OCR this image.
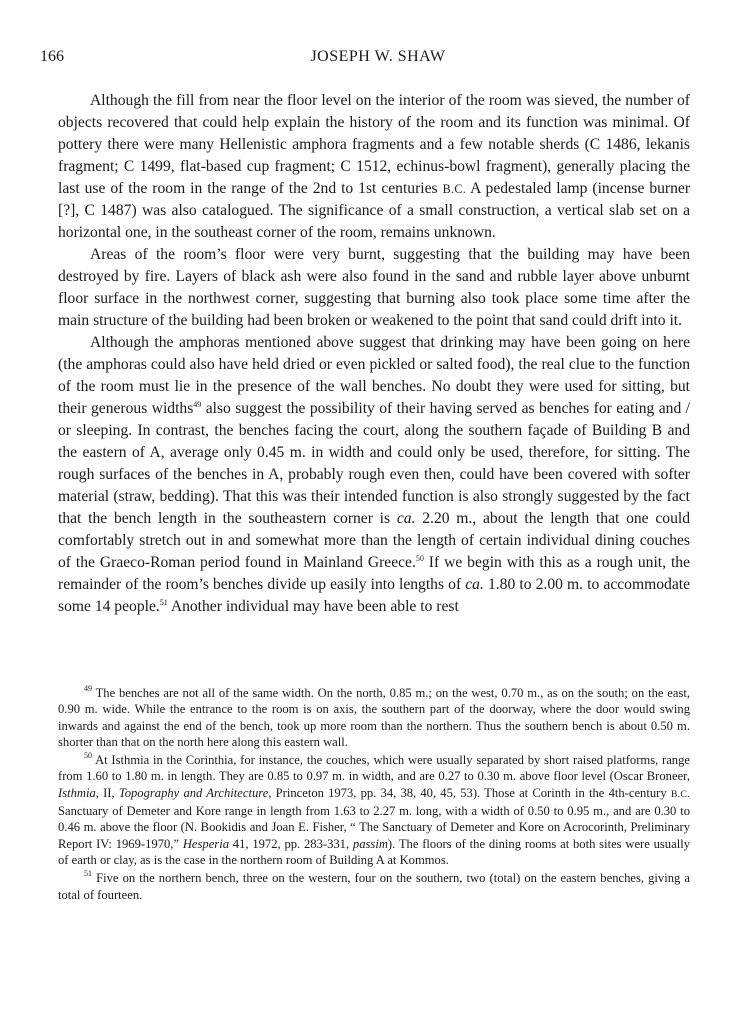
166	JOSEPH W. SHAW

Although the fill from near the floor level on the interior of the room was sieved, the number of objects recovered that could help explain the history of the room and its function was minimal. Of pottery there were many Hellenistic amphora fragments and a few notable sherds (C 1486, lekanis fragment; C 1499, flat-based cup fragment; C 1512, echinus-bowl fragment), generally placing the last use of the room in the range of the 2nd to 1st centuries B.C. A pedestaled lamp (incense burner [?], C 1487) was also catalogued. The significance of a small construction, a vertical slab set on a horizontal one, in the southeast corner of the room, remains unknown.

Areas of the room’s floor were very burnt, suggesting that the building may have been destroyed by fire. Layers of black ash were also found in the sand and rubble layer above unburnt floor surface in the northwest corner, suggesting that burning also took place some time after the main structure of the building had been broken or weakened to the point that sand could drift into it.

Although the amphoras mentioned above suggest that drinking may have been going on here (the amphoras could also have held dried or even pickled or salted food), the real clue to the function of the room must lie in the presence of the wall benches. No doubt they were used for sitting, but their generous widths$^{49}$ also suggest the possibility of their having served as benches for eating and / or sleeping. In contrast, the benches facing the court, along the southern façade of Building B and the eastern of A, average only 0.45 m. in width and could only be used, therefore, for sitting. The rough surfaces of the benches in A, probably rough even then, could have been covered with softer material (straw, bedding). That this was their intended function is also strongly suggested by the fact that the bench length in the southeastern corner is ca. 2.20 m., about the length that one could comfortably stretch out in and somewhat more than the length of certain individual dining couches of the Graeco-Roman period found in Mainland Greece.$^{50}$ If we begin with this as a rough unit, the remainder of the room’s benches divide up easily into lengths of ca. 1.80 to 2.00 m. to accommodate some 14 people.$^{51}$ Another individual may have been able to rest

$^{49}$ The benches are not all of the same width. On the north, 0.85 m.; on the west, 0.70 m., as on the south; on the east, 0.90 m. wide. While the entrance to the room is on axis, the southern part of the doorway, where the door would swing inwards and against the end of the bench, took up more room than the northern. Thus the southern bench is about 0.50 m. shorter than that on the north here along this eastern wall.

$^{50}$ At Isthmia in the Corinthia, for instance, the couches, which were usually separated by short raised platforms, range from 1.60 to 1.80 m. in length. They are 0.85 to 0.97 m. in width, and are 0.27 to 0.30 m. above floor level (Oscar Broneer, Isthmia, II, Topography and Architecture, Princeton 1973, pp. 34, 38, 40, 45, 53). Those at Corinth in the 4th-century B.C. Sanctuary of Demeter and Kore range in length from 1.63 to 2.27 m. long, with a width of 0.50 to 0.95 m., and are 0.30 to 0.46 m. above the floor (N. Bookidis and Joan E. Fisher, “ The Sanctuary of Demeter and Kore on Acrocorinth, Preliminary Report IV: 1969-1970,” Hesperia 41, 1972, pp. 283-331, passim). The floors of the dining rooms at both sites were usually of earth or clay, as is the case in the northern room of Building A at Kommos.

$^{51}$ Five on the northern bench, three on the western, four on the southern, two (total) on the eastern benches, giving a total of fourteen.
